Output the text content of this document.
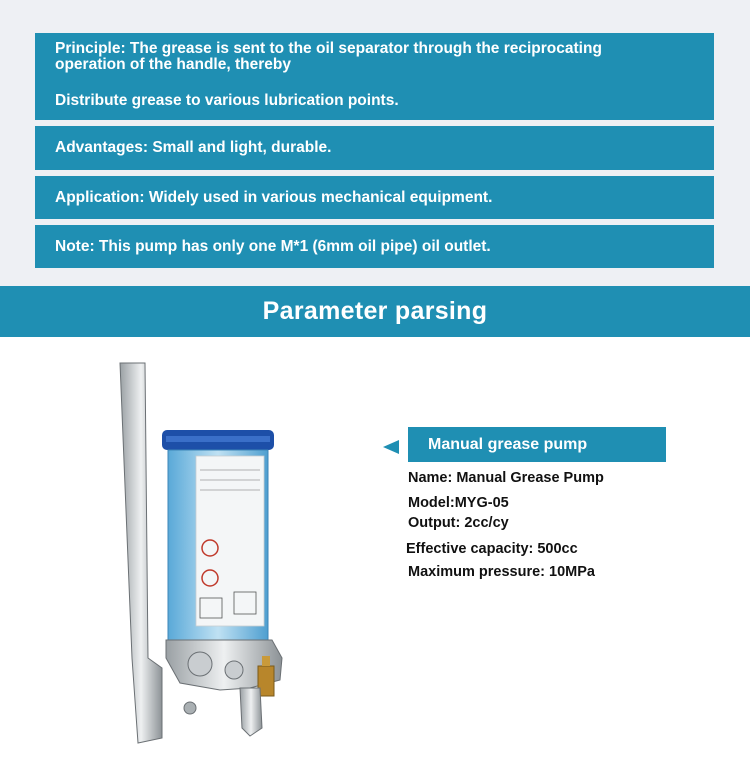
Principle: The grease is sent to the oil separator through the reciprocating operation of the handle, thereby
Distribute grease to various lubrication points.
Advantages: Small and light, durable.
Application: Widely used in various mechanical equipment.
Note: This pump has only one M*1 (6mm oil pipe) oil outlet.
Parameter parsing
Manual grease pump
Name: Manual Grease Pump
Model:MYG-05
Output: 2cc/cy
Effective capacity: 500cc
Maximum pressure: 10MPa
